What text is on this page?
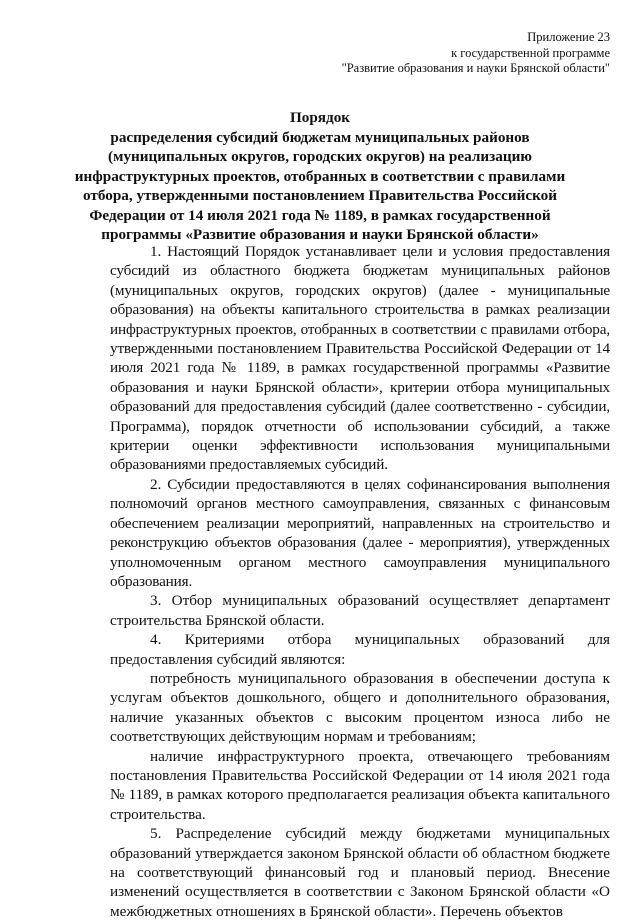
Приложение 23
к государственной программе
"Развитие образования и науки Брянской области"
Порядок
распределения субсидий бюджетам муниципальных районов
(муниципальных округов, городских округов) на реализацию
инфраструктурных проектов, отобранных в соответствии с правилами
отбора, утвержденными постановлением Правительства Российской
Федерации от 14 июля 2021 года № 1189, в рамках государственной
программы «Развитие образования и науки Брянской области»

1. Настоящий Порядок устанавливает цели и условия предоставления субсидий из областного бюджета бюджетам муниципальных районов (муниципальных округов, городских округов) (далее - муниципальные образования) на объекты капитального строительства в рамках реализации инфраструктурных проектов, отобранных в соответствии с правилами отбора, утвержденными постановлением Правительства Российской Федерации от 14 июля 2021 года № 1189, в рамках государственной программы «Развитие образования и науки Брянской области», критерии отбора муниципальных образований для предоставления субсидий (далее соответственно - субсидии, Программа), порядок отчетности об использовании субсидий, а также критерии оценки эффективности использования муниципальными образованиями предоставляемых субсидий.

2. Субсидии предоставляются в целях софинансирования выполнения полномочий органов местного самоуправления, связанных с финансовым обеспечением реализации мероприятий, направленных на строительство и реконструкцию объектов образования (далее - мероприятия), утвержденных уполномоченным органом местного самоуправления муниципального образования.

3. Отбор муниципальных образований осуществляет департамент строительства Брянской области.

4. Критериями отбора муниципальных образований для предоставления субсидий являются:

потребность муниципального образования в обеспечении доступа к услугам объектов дошкольного, общего и дополнительного образования, наличие указанных объектов с высоким процентом износа либо не соответствующих действующим нормам и требованиям;

наличие инфраструктурного проекта, отвечающего требованиям постановления Правительства Российской Федерации от 14 июля 2021 года № 1189, в рамках которого предполагается реализация объекта капитального строительства.

5. Распределение субсидий между бюджетами муниципальных образований утверждается законом Брянской области об областном бюджете на соответствующий финансовый год и плановый период. Внесение изменений осуществляется в соответствии с Законом Брянской области «О межбюджетных отношениях в Брянской области». Перечень объектов
